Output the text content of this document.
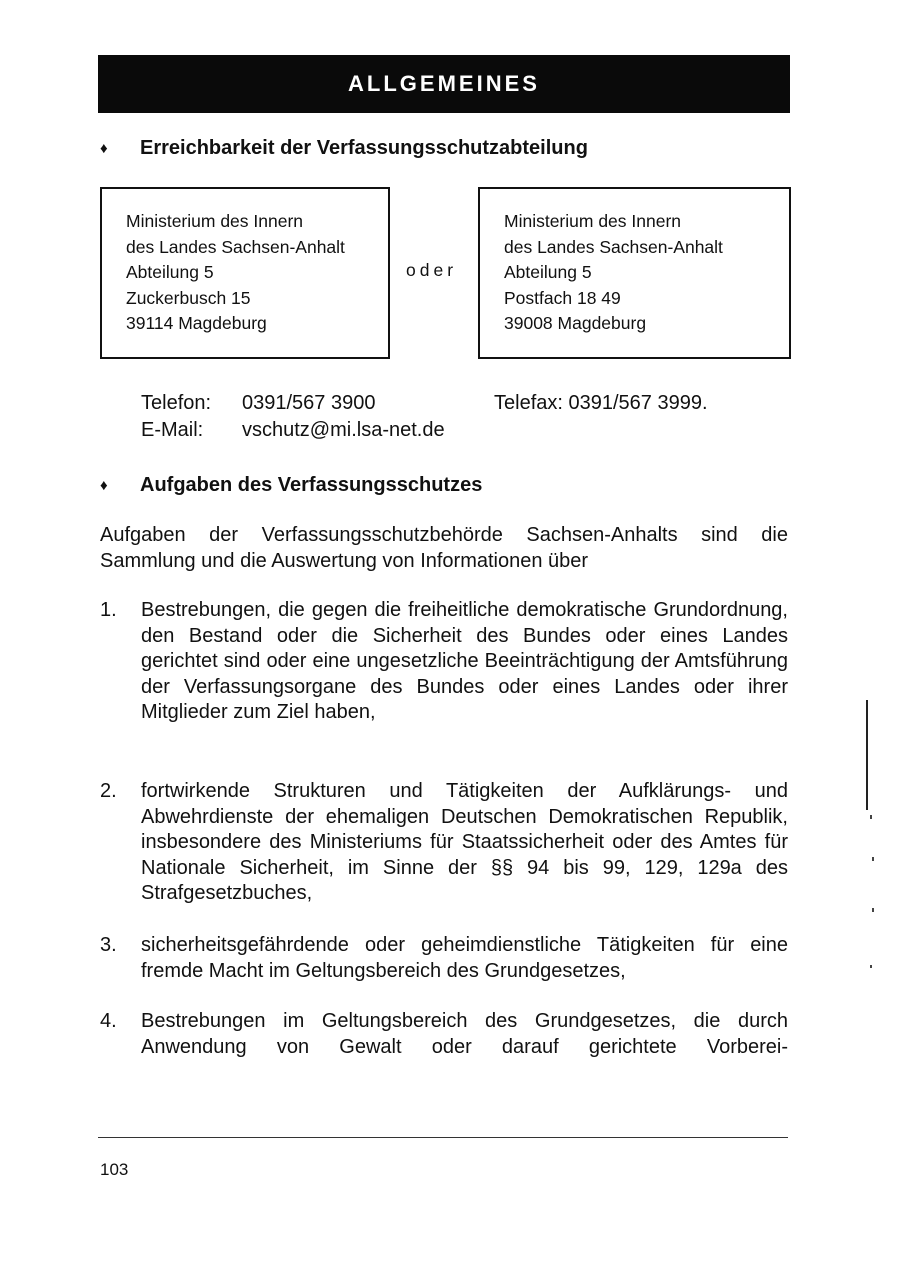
ALLGEMEINES
♦	Erreichbarkeit der Verfassungsschutzabteilung
Ministerium des Innern
des Landes Sachsen-Anhalt
Abteilung 5
Zuckerbusch 15
39114 Magdeburg
oder
Ministerium des Innern
des Landes Sachsen-Anhalt
Abteilung 5
Postfach 18 49
39008 Magdeburg
Telefon: 0391/567 3900	Telefax: 0391/567 3999.
E-Mail: vschutz@mi.lsa-net.de
♦	Aufgaben des Verfassungsschutzes
Aufgaben der Verfassungsschutzbehörde Sachsen-Anhalts sind die
Sammlung und die Auswertung von Informationen über
1. Bestrebungen, die gegen die freiheitliche demokratische Grundordnung, den Bestand oder die Sicherheit des Bundes oder eines Landes gerichtet sind oder eine ungesetzliche Beeinträchtigung der Amtsführung der Verfassungsorgane des Bundes oder eines Landes oder ihrer Mitglieder zum Ziel haben,
2. fortwirkende Strukturen und Tätigkeiten der Aufklärungs- und Abwehrdienste der ehemaligen Deutschen Demokratischen Republik, insbesondere des Ministeriums für Staatssicherheit oder des Amtes für Nationale Sicherheit, im Sinne der §§ 94 bis 99, 129, 129a des Strafgesetzbuches,
3. sicherheitsgefährdende oder geheimdienstliche Tätigkeiten für eine fremde Macht im Geltungsbereich des Grundgesetzes,
4. Bestrebungen im Geltungsbereich des Grundgesetzes, die durch Anwendung von Gewalt oder darauf gerichtete Vorberei-
103
